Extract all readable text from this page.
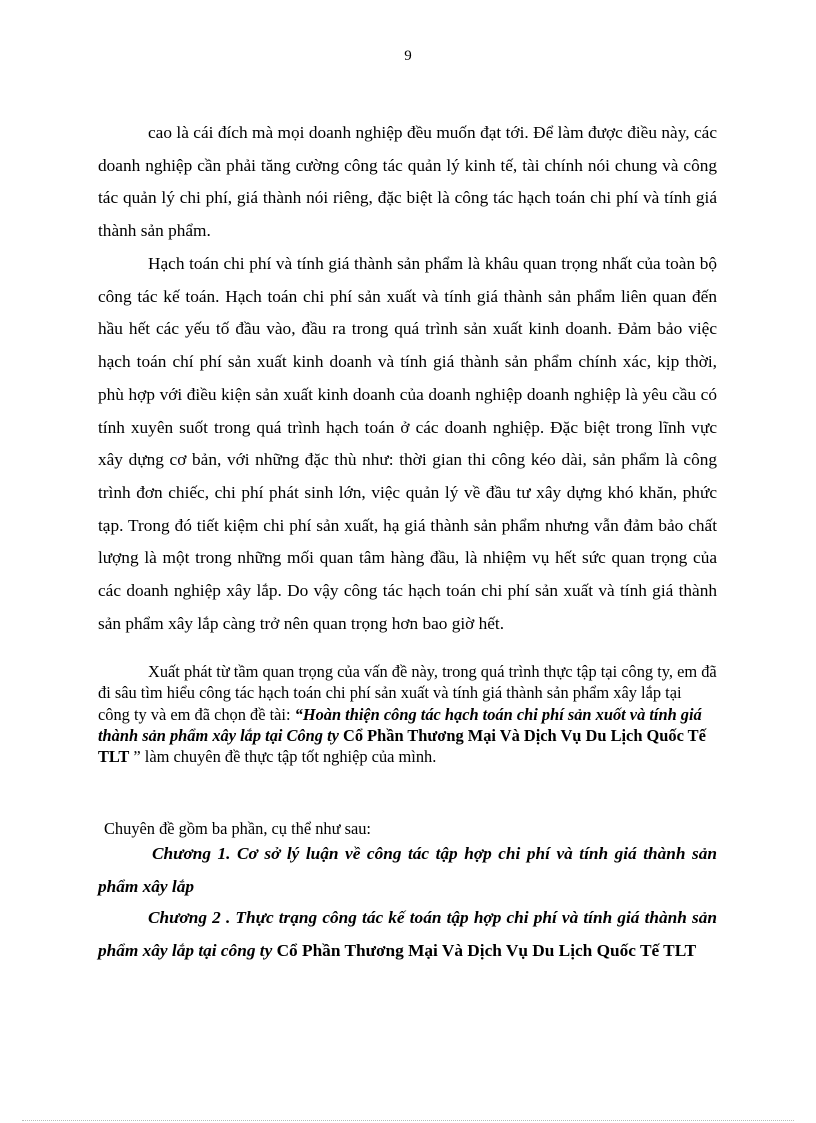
9

cao là cái đích mà mọi doanh nghiệp đều muốn đạt tới. Để làm được điều này, các doanh nghiệp cần phải tăng cường công tác quản lý kinh tế, tài chính nói chung và công tác quản lý chi phí, giá thành nói riêng, đặc biệt là công tác hạch toán chi phí và tính giá thành sản phẩm.

Hạch toán chi phí và tính giá thành sản phẩm là khâu quan trọng nhất của toàn bộ công tác kế toán. Hạch toán chi phí sản xuất và tính giá thành sản phẩm liên quan đến hầu hết các yếu tố đầu vào, đầu ra trong quá trình sản xuất kinh doanh. Đảm bảo việc hạch toán chí phí sản xuất kinh doanh và tính giá thành sản phẩm chính xác, kịp thời, phù hợp với điều kiện sản xuất kinh doanh của doanh nghiệp doanh nghiệp là yêu cầu có tính xuyên suốt trong quá trình hạch toán ở các doanh nghiệp. Đặc biệt trong lĩnh vực xây dựng cơ bản, với những đặc thù như: thời gian thi công kéo dài, sản phẩm là công trình đơn chiếc, chi phí phát sinh lớn, việc quản lý về đầu tư xây dựng khó khăn, phức tạp. Trong đó tiết kiệm chi phí sản xuất, hạ giá thành sản phẩm nhưng vẫn đảm bảo chất lượng là một trong những mối quan tâm hàng đầu, là nhiệm vụ hết sức quan trọng của các doanh nghiệp xây lắp. Do vậy công tác hạch toán chi phí sản xuất và tính giá thành sản phẩm xây lắp càng trở nên quan trọng hơn bao giờ hết.

Xuất phát từ tầm quan trọng của vấn đề này, trong quá trình thực tập tại công ty, em đã đi sâu tìm hiểu công tác hạch toán chi phí sản xuất và tính giá thành sản phẩm xây lắp tại công ty và em đã chọn đề tài: “Hoàn thiện công tác hạch toán chi phí sản xuốt và tính giá thành sản phẩm xây lắp tại Công ty Cổ Phần Thương Mại Và Dịch Vụ Du Lịch Quốc Tế TLT ” làm chuyên đề thực tập tốt nghiệp của mình.

Chuyên đề gồm ba phần, cụ thể như sau:

Chương 1. Cơ sở lý luận về công tác tập hợp chi phí và tính giá thành sản phẩm xây lắp

Chương 2 . Thực trạng công tác kế toán tập hợp chi phí và tính giá thành sản phẩm xây lắp tại công ty Cổ Phần Thương Mại Và Dịch Vụ Du Lịch Quốc Tế TLT
